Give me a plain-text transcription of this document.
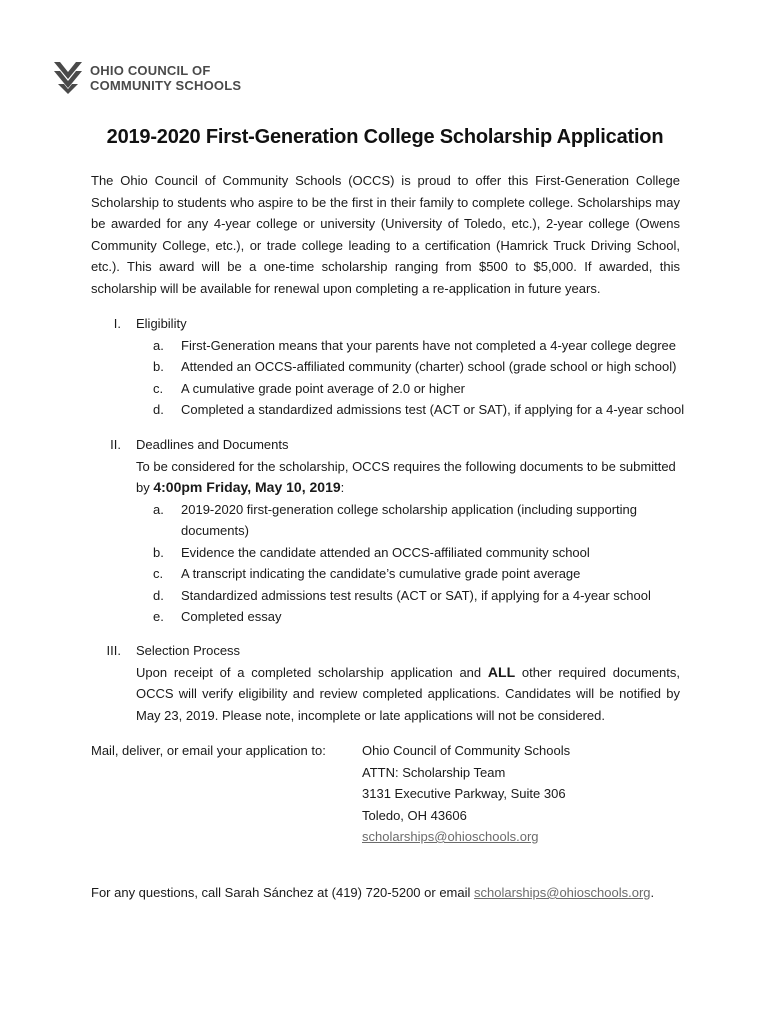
OHIO COUNCIL OF
COMMUNITY SCHOOLS
2019-2020 First-Generation College Scholarship Application
The Ohio Council of Community Schools (OCCS) is proud to offer this First-Generation College Scholarship to students who aspire to be the first in their family to complete college. Scholarships may be awarded for any 4-year college or university (University of Toledo, etc.), 2-year college (Owens Community College, etc.), or trade college leading to a certification (Hamrick Truck Driving School, etc.). This award will be a one-time scholarship ranging from $500 to $5,000. If awarded, this scholarship will be available for renewal upon completing a re-application in future years.
I. Eligibility
a.	First-Generation means that your parents have not completed a 4-year college degree
b.	Attended an OCCS-affiliated community (charter) school (grade school or high school)
c.	A cumulative grade point average of 2.0 or higher
d.	Completed a standardized admissions test (ACT or SAT), if applying for a 4-year school
II. Deadlines and Documents
To be considered for the scholarship, OCCS requires the following documents to be submitted by 4:00pm Friday, May 10, 2019:
a.	2019-2020 first-generation college scholarship application (including supporting documents)
b.	Evidence the candidate attended an OCCS-affiliated community school
c.	A transcript indicating the candidate’s cumulative grade point average
d.	Standardized admissions test results (ACT or SAT), if applying for a 4-year school
e.	Completed essay
III. Selection Process
Upon receipt of a completed scholarship application and ALL other required documents, OCCS will verify eligibility and review completed applications. Candidates will be notified by May 23, 2019. Please note, incomplete or late applications will not be considered.
Mail, deliver, or email your application to:	Ohio Council of Community Schools
ATTN: Scholarship Team
3131 Executive Parkway, Suite 306
Toledo, OH 43606
scholarships@ohioschools.org
For any questions, call Sarah Sánchez at (419) 720-5200 or email scholarships@ohioschools.org.
